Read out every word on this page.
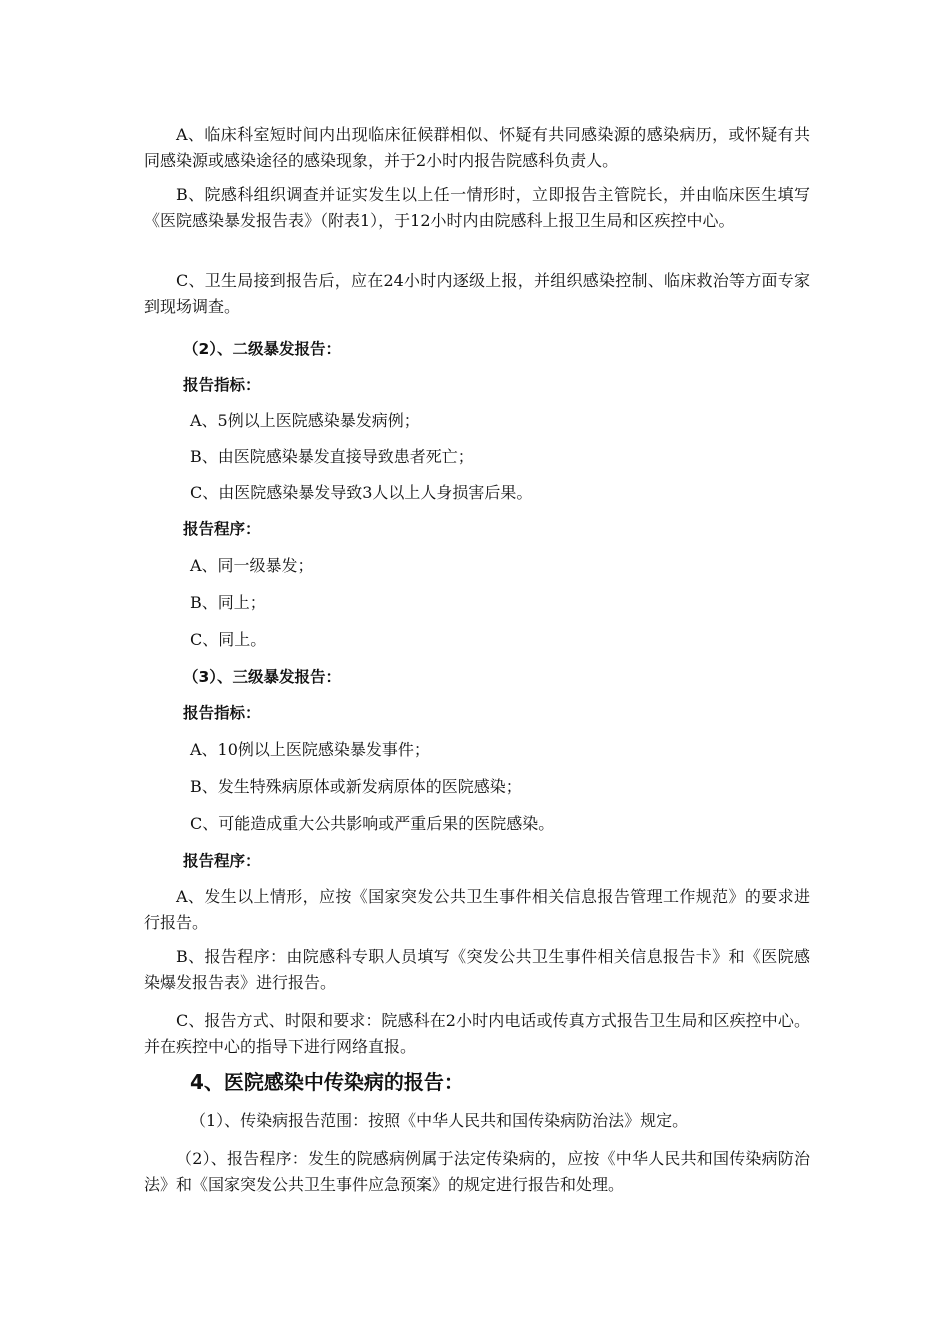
A、临床科室短时间内出现临床征候群相似、怀疑有共同感染源的感染病历，或怀疑有共同感染源或感染途径的感染现象，并于2小时内报告院感科负责人。

B、院感科组织调查并证实发生以上任一情形时，立即报告主管院长，并由临床医生填写《医院感染暴发报告表》（附表1），于12小时内由院感科上报卫生局和区疾控中心。

C、卫生局接到报告后，应在24小时内逐级上报，并组织感染控制、临床救治等方面专家到现场调查。

（2）、二级暴发报告：

报告指标：

A、5例以上医院感染暴发病例；

B、由医院感染暴发直接导致患者死亡；

C、由医院感染暴发导致3人以上人身损害后果。

报告程序：

A、同一级暴发；

B、同上；

C、同上。

（3）、三级暴发报告：

报告指标：

A、10例以上医院感染暴发事件；

B、发生特殊病原体或新发病原体的医院感染；

C、可能造成重大公共影响或严重后果的医院感染。

报告程序：

A、发生以上情形，应按《国家突发公共卫生事件相关信息报告管理工作规范》的要求进行报告。

B、报告程序：由院感科专职人员填写《突发公共卫生事件相关信息报告卡》和《医院感染爆发报告表》进行报告。

C、报告方式、时限和要求：院感科在2小时内电话或传真方式报告卫生局和区疾控中心。并在疾控中心的指导下进行网络直报。

4、医院感染中传染病的报告：

（1）、传染病报告范围：按照《中华人民共和国传染病防治法》规定。

（2）、报告程序：发生的院感病例属于法定传染病的，应按《中华人民共和国传染病防治法》和《国家突发公共卫生事件应急预案》的规定进行报告和处理。
